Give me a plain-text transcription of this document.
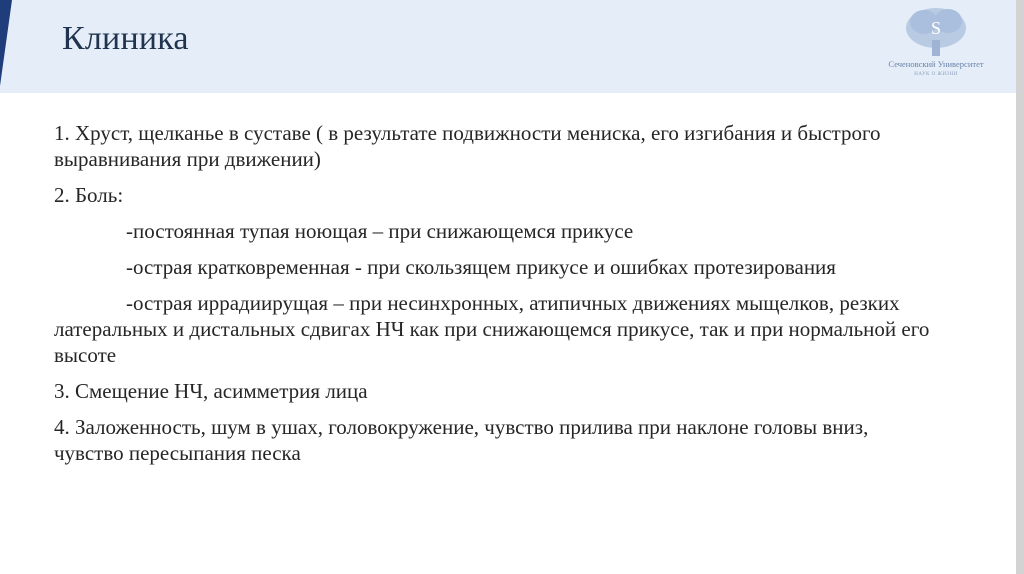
Клиника	S
Сеченовский Университет
НАУК О ЖИЗНИ

1. Хруст, щелканье в суставе ( в результате подвижности мениска, его изгибания и быстрого выравнивания при движении)

2. Боль:

-постоянная тупая ноющая – при снижающемся прикусе

-острая кратковременная - при скользящем прикусе и ошибках протезирования

-острая иррадиирущая – при несинхронных, атипичных движениях мыщелков, резких латеральных и дистальных сдвигах НЧ как при снижающемся прикусе, так и при нормальной его высоте

3. Смещение НЧ, асимметрия лица

4. Заложенность, шум в ушах, головокружение, чувство прилива при наклоне головы вниз, чувство пересыпания песка
